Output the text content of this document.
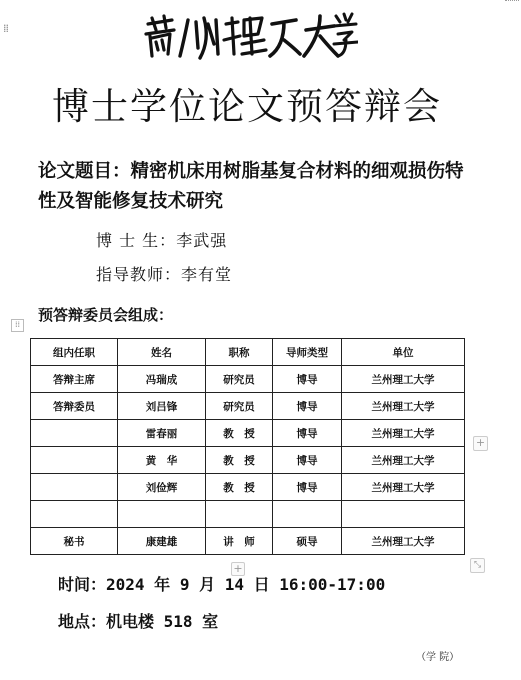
⁞⁞
博士学位论文预答辩会
论文题目：精密机床用树脂基复合材料的细观损伤特性及智能修复技术研究
博 士 生：李武强
指导教师：李有堂
预答辩委员会组成：
⁞⁞
组内任职	姓名	职称	导师类型	单位
答辩主席	冯瑞成	研究员	博导	兰州理工大学
答辩委员	刘吕锋	研究员	博导	兰州理工大学
	雷春丽	教　授	博导	兰州理工大学
	黄　华	教　授	博导	兰州理工大学
	刘俭辉	教　授	博导	兰州理工大学

秘书	康建雄	讲　师	硕导	兰州理工大学
+
+	⤡
时间：2024 年 9 月 14 日 16:00-17:00
地点：机电楼 518 室
（学 院）
